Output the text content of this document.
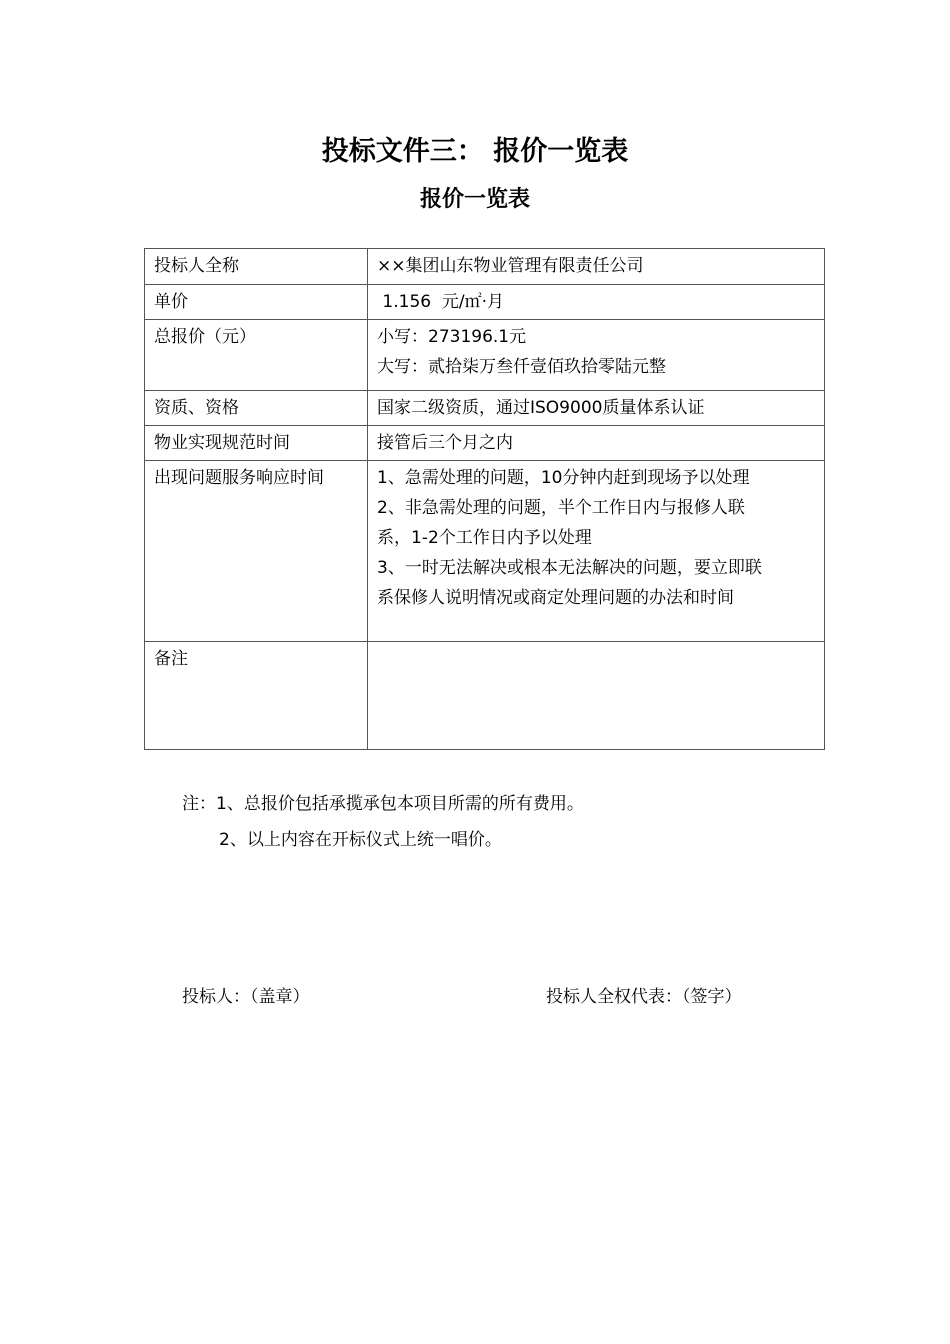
投标文件三： 报价一览表
报价一览表
投标人全称	××集团山东物业管理有限责任公司
单价	1.156  元/㎡·月
总报价（元）	小写：273196.1元
大写：贰拾柒万叁仟壹佰玖拾零陆元整

资质、资格	国家二级资质，通过ISO9000质量体系认证
物业实现规范时间	接管后三个月之内
出现问题服务响应时间	1、急需处理的问题，10分钟内赶到现场予以处理
2、非急需处理的问题，半个工作日内与报修人联
系，1-2个工作日内予以处理
3、一时无法解决或根本无法解决的问题，要立即联
系保修人说明情况或商定处理问题的办法和时间

备注	
注：1、总报价包括承揽承包本项目所需的所有费用。
2、以上内容在开标仪式上统一唱价。
投标人：（盖章）	投标人全权代表：（签字）
